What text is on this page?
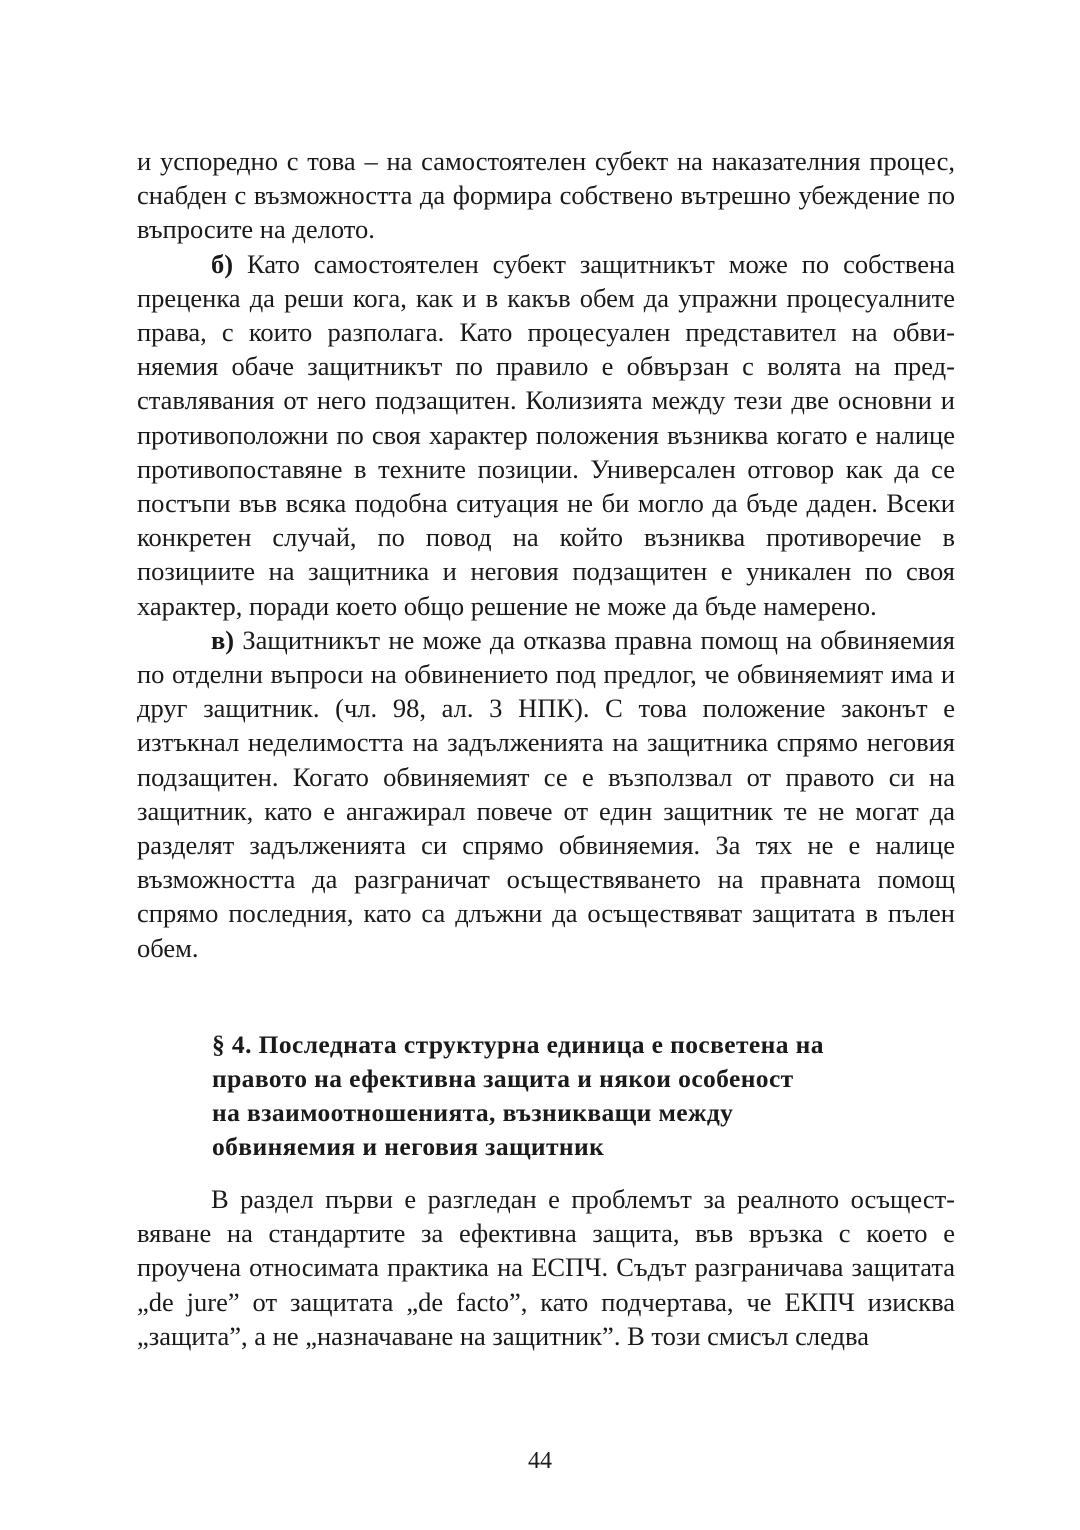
и успоредно с това – на самостоятелен субект на наказателния процес, снабден с възможността да формира собствено вътрешно убеждение по въпросите на делото.

б) Като самостоятелен субект защитникът може по собствена преценка да реши кога, как и в какъв обем да упражни процесуалните права, с които разполага. Като процесуален представител на обвиняемия обаче защитникът по правило е обвързан с волята на представлявания от него подзащитен. Колизията между тези две основни и противоположни по своя характер положения възниква когато е налице противопоставяне в техните позиции. Универсален отговор как да се постъпи във всяка подобна ситуация не би могло да бъде даден. Всеки конкретен случай, по повод на който възниква противоречие в позициите на защитника и неговия подзащитен е уникален по своя характер, поради което общо решение не може да бъде намерено.

в) Защитникът не може да отказва правна помощ на обвиняемия по отделни въпроси на обвинението под предлог, че обвиняемият има и друг защитник. (чл. 98, ал. 3 НПК). С това положение законът е изтъкнал неделимостта на задълженията на защитника спрямо неговия подзащитен. Когато обвиняемият се е възползвал от правото си на защитник, като е ангажирал повече от един защитник те не могат да разделят задълженията си спрямо обвиняемия. За тях не е налице възможността да разграничат осъществяването на правната помощ спрямо последния, като са длъжни да осъществяват защитата в пълен обем.

§ 4. Последната структурна единица е посветена на
правото на ефективна защита и някои особеност
на взаимоотношенията, възникващи между
обвиняемия и неговия защитник

В раздел първи е разгледан е проблемът за реалното осъществяване на стандартите за ефективна защита, във връзка с което е проучена относимата практика на ЕСПЧ. Съдът разграничава защитата „de jure” от защитата „de facto”, като подчертава, че ЕКПЧ изисква „защита”, а не „назначаване на защитник”. В този смисъл следва

44
